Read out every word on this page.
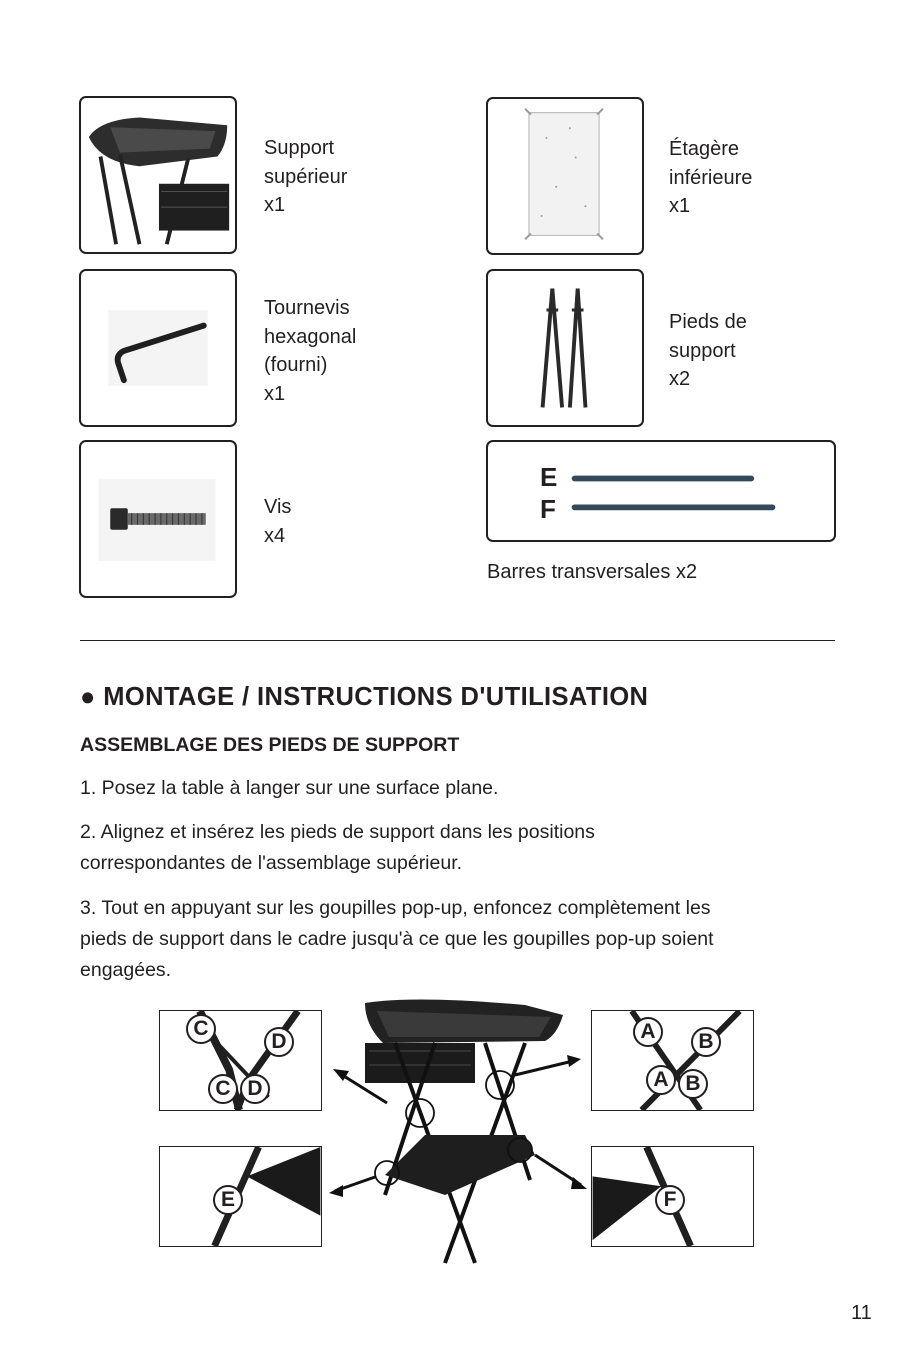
Support
supérieur
x1
Tournevis
hexagonal
(fourni)
x1
Vis
x4
Étagère
inférieure
x1
Pieds de
support
x2
E
F
Barres transversales x2
● MONTAGE / INSTRUCTIONS D'UTILISATION
ASSEMBLAGE DES PIEDS DE SUPPORT
1. Posez la table à langer sur une surface plane.
2. Alignez et insérez les pieds de support dans les positions
correspondantes de l'assemblage supérieur.
3. Tout en appuyant sur les goupilles pop-up, enfoncez complètement les
pieds de support dans le cadre jusqu'à ce que les goupilles pop-up soient
engagées.
C
D
C D
A	B
A B
E	F
11
